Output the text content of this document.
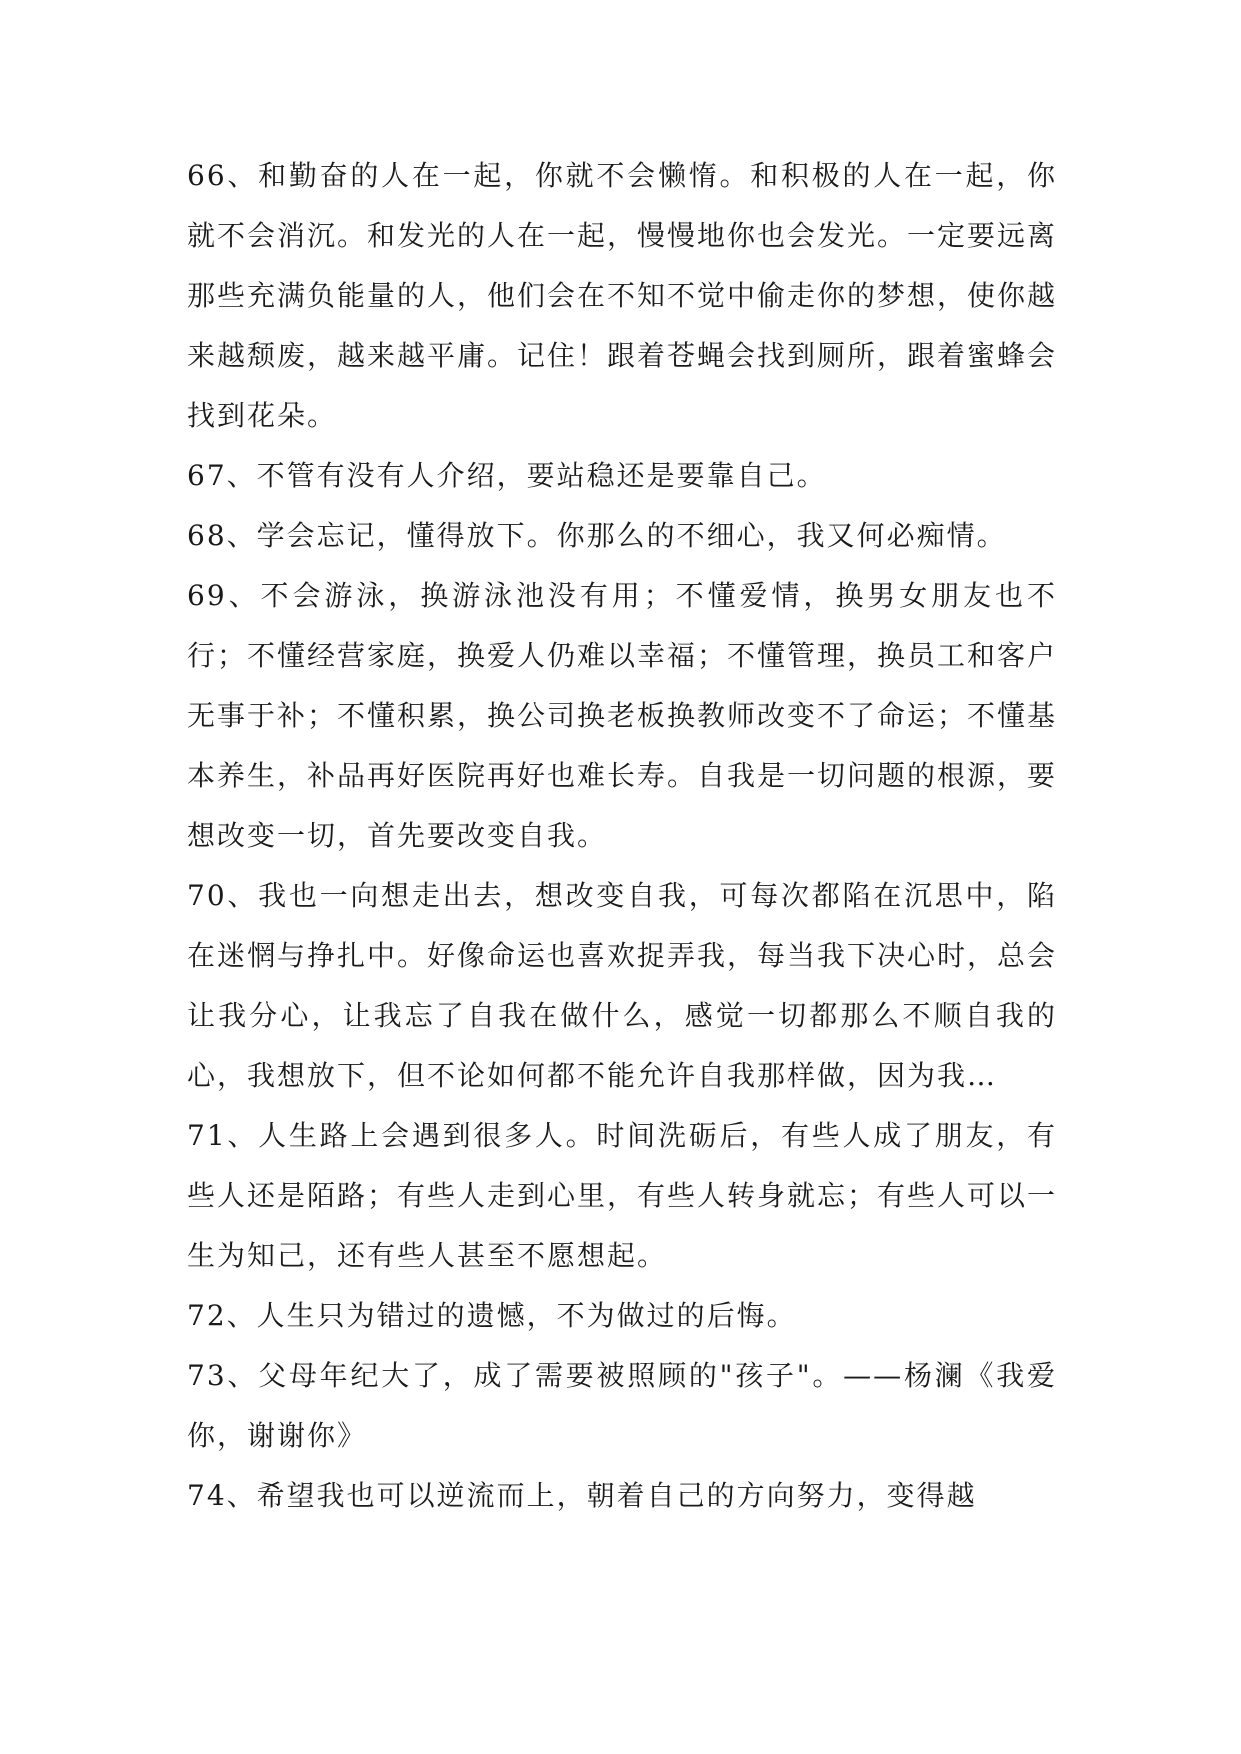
66、和勤奋的人在一起，你就不会懒惰。和积极的人在一起，你就不会消沉。和发光的人在一起，慢慢地你也会发光。一定要远离那些充满负能量的人，他们会在不知不觉中偷走你的梦想，使你越来越颓废，越来越平庸。记住！跟着苍蝇会找到厕所，跟着蜜蜂会找到花朵。

67、不管有没有人介绍，要站稳还是要靠自己。

68、学会忘记，懂得放下。你那么的不细心，我又何必痴情。

69、不会游泳，换游泳池没有用；不懂爱情，换男女朋友也不行；不懂经营家庭，换爱人仍难以幸福；不懂管理，换员工和客户无事于补；不懂积累，换公司换老板换教师改变不了命运；不懂基本养生，补品再好医院再好也难长寿。自我是一切问题的根源，要想改变一切，首先要改变自我。

70、我也一向想走出去，想改变自我，可每次都陷在沉思中，陷在迷惘与挣扎中。好像命运也喜欢捉弄我，每当我下决心时，总会让我分心，让我忘了自我在做什么，感觉一切都那么不顺自我的心，我想放下，但不论如何都不能允许自我那样做，因为我…

71、人生路上会遇到很多人。时间洗砺后，有些人成了朋友，有些人还是陌路；有些人走到心里，有些人转身就忘；有些人可以一生为知己，还有些人甚至不愿想起。

72、人生只为错过的遗憾，不为做过的后悔。

73、父母年纪大了，成了需要被照顾的"孩子"。——杨澜《我爱你，谢谢你》

74、希望我也可以逆流而上，朝着自己的方向努力，变得越
